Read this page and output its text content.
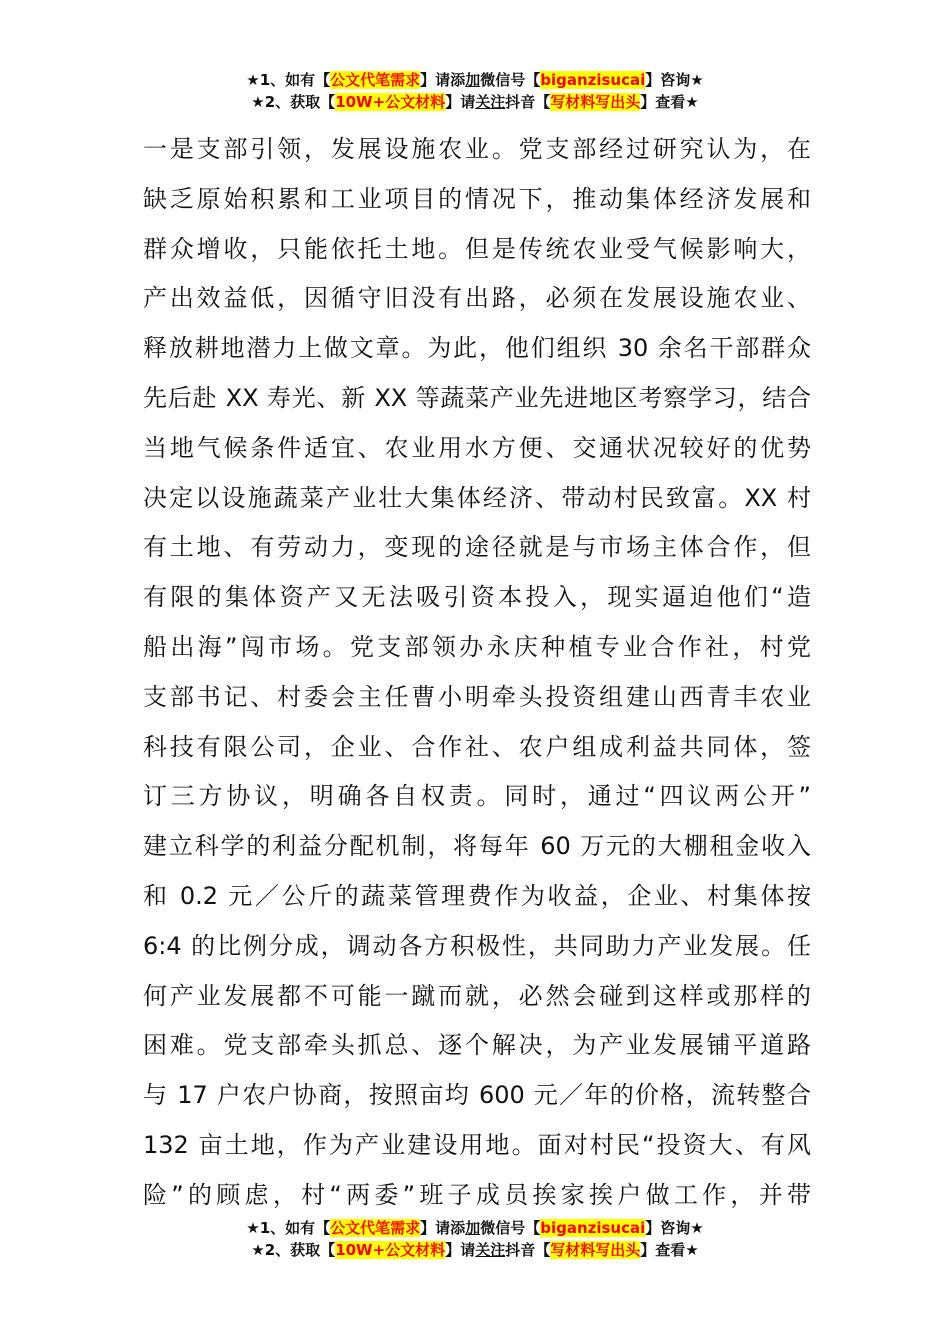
★1、如有【公文代笔需求】请添加微信号【biganzisucai】咨询★
★2、获取【10W+公文材料】请关注抖音【写材料写出头】查看★
一是支部引领，发展设施农业。党支部经过研究认为，在
缺乏原始积累和工业项目的情况下，推动集体经济发展和
群众增收，只能依托土地。但是传统农业受气候影响大，
产出效益低，因循守旧没有出路，必须在发展设施农业、
释放耕地潜力上做文章。为此，他们组织 30 余名干部群众
先后赴 XX 寿光、新 XX 等蔬菜产业先进地区考察学习，结合
当地气候条件适宜、农业用水方便、交通状况较好的优势
决定以设施蔬菜产业壮大集体经济、带动村民致富。XX 村
有土地、有劳动力，变现的途径就是与市场主体合作，但
有限的集体资产又无法吸引资本投入，现实逼迫他们“造
船出海”闯市场。党支部领办永庆种植专业合作社，村党
支部书记、村委会主任曹小明牵头投资组建山西青丰农业
科技有限公司，企业、合作社、农户组成利益共同体，签
订三方协议，明确各自权责。同时，通过“四议两公开”
建立科学的利益分配机制，将每年 60 万元的大棚租金收入
和 0.2 元／公斤的蔬菜管理费作为收益，企业、村集体按
6:4 的比例分成，调动各方积极性，共同助力产业发展。任
何产业发展都不可能一蹴而就，必然会碰到这样或那样的
困难。党支部牵头抓总、逐个解决，为产业发展铺平道路
与 17 户农户协商，按照亩均 600 元／年的价格，流转整合
132 亩土地，作为产业建设用地。面对村民“投资大、有风
险”的顾虑，村“两委”班子成员挨家挨户做工作，并带
★1、如有【公文代笔需求】请添加微信号【biganzisucai】咨询★
★2、获取【10W+公文材料】请关注抖音【写材料写出头】查看★
